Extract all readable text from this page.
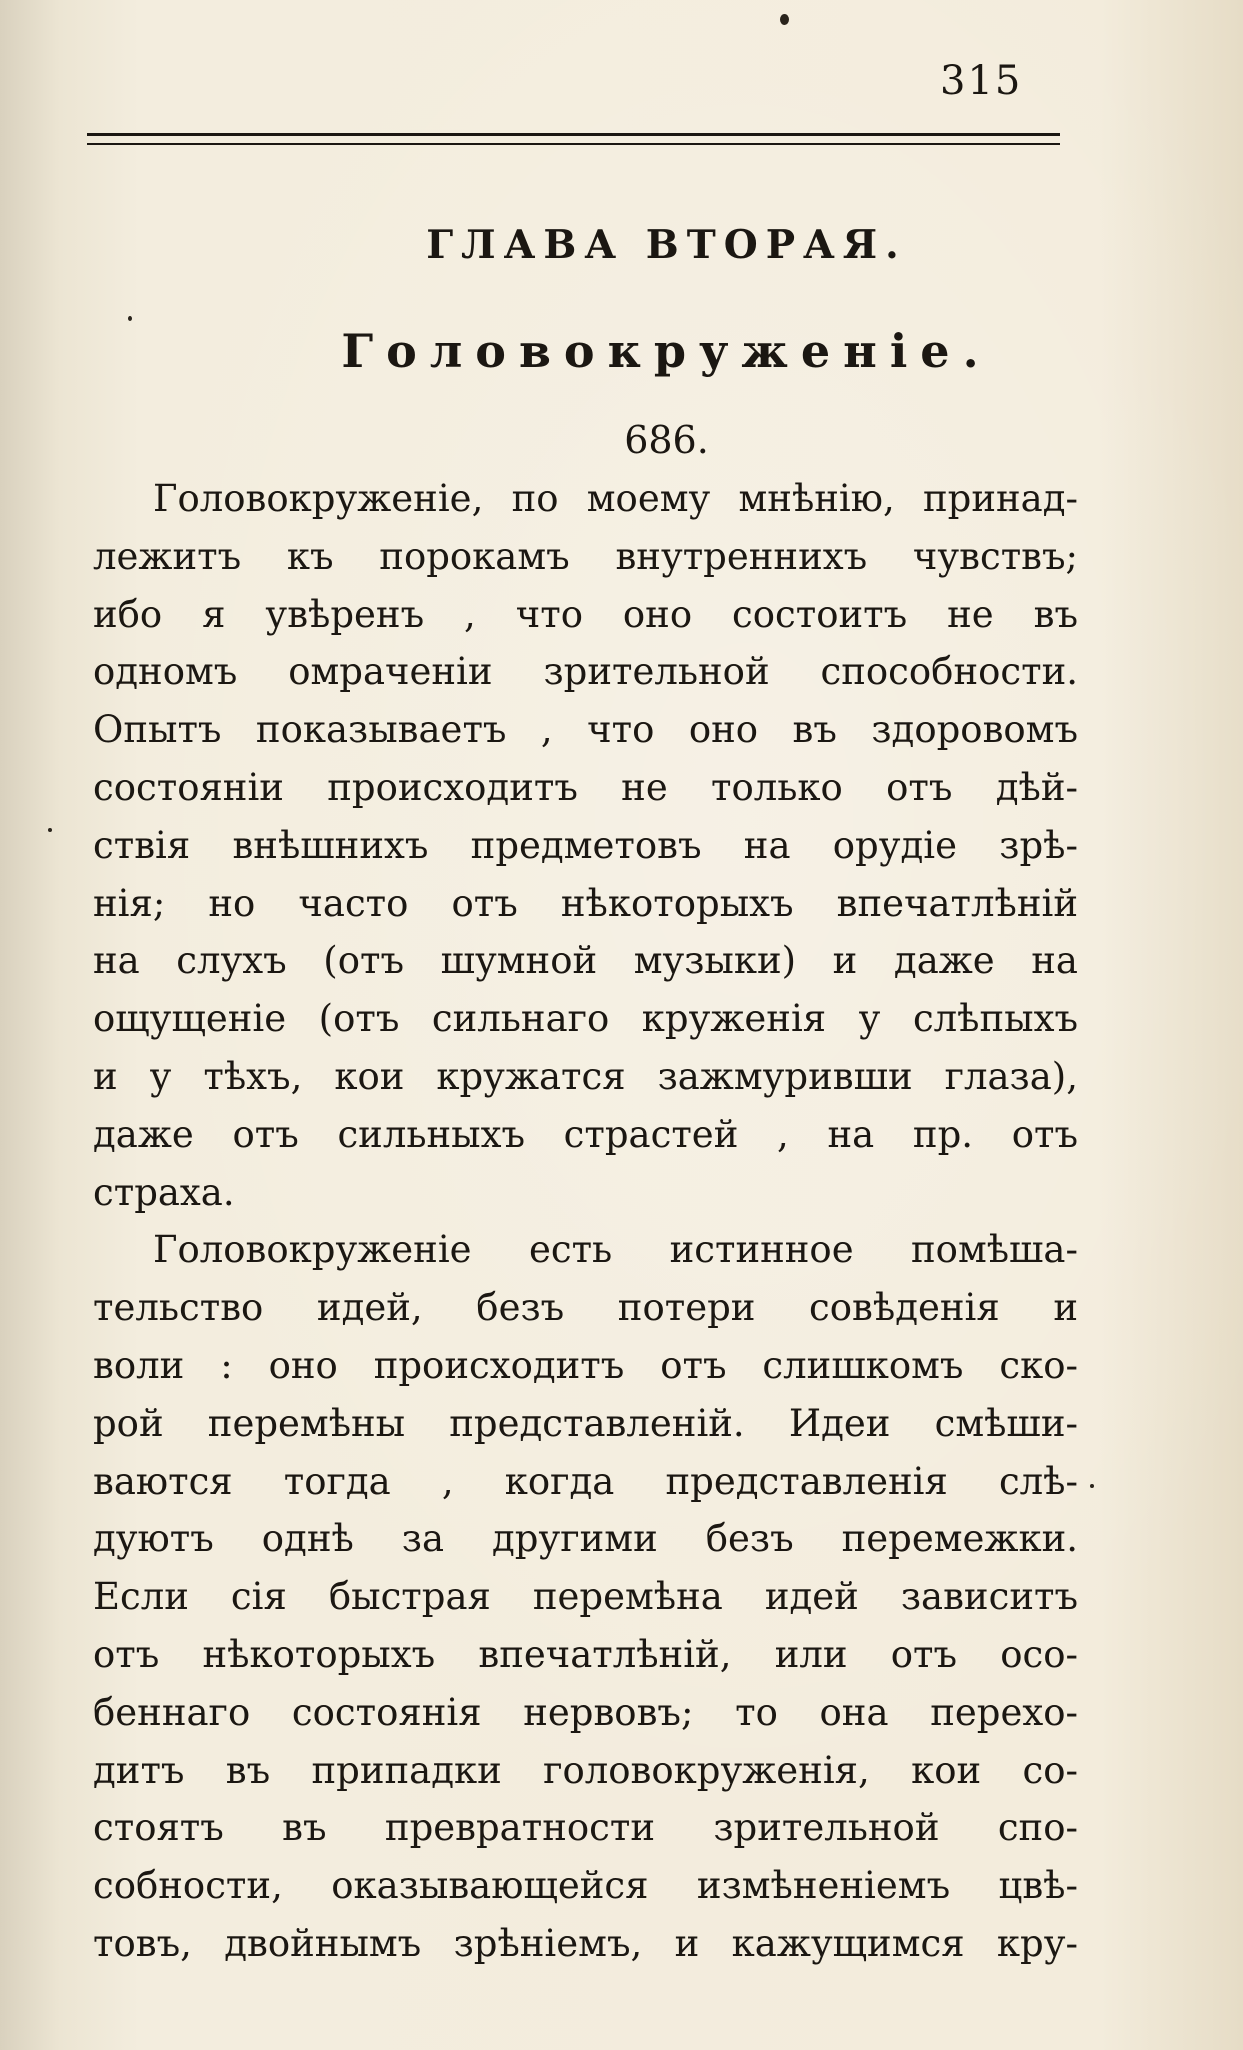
315
ГЛАВА ВТОРАЯ.
Головокруженіе.
686.
Головокруженіе, по моему мнѣнію, принад-
лежитъ къ порокамъ внутреннихъ чувствъ;
ибо я увѣренъ , что оно состоитъ не въ
одномъ омраченіи зрительной способности.
Опытъ показываетъ , что оно въ здоровомъ
состояніи происходитъ не только отъ дѣй-
ствія внѣшнихъ предметовъ на орудіе зрѣ-
нія; но часто отъ нѣкоторыхъ впечатлѣній
на слухъ (отъ шумной музыки) и даже на
ощущеніе (отъ сильнаго круженія у слѣпыхъ
и у тѣхъ, кои кружатся зажмуривши глаза),
даже отъ сильныхъ страстей , на пр. отъ
страха.
Головокруженіе есть истинное помѣша-
тельство идей, безъ потери совѣденія и
воли : оно происходитъ отъ слишкомъ ско-
рой перемѣны представленій. Идеи смѣши-
ваются тогда , когда представленія слѣ-
дуютъ однѣ за другими безъ перемежки.
Если сія быстрая перемѣна идей зависитъ
отъ нѣкоторыхъ впечатлѣній, или отъ осо-
беннаго состоянія нервовъ; то она перехо-
дитъ въ припадки головокруженія, кои со-
стоятъ въ превратности зрительной спо-
собности, оказывающейся измѣненіемъ цвѣ-
товъ, двойнымъ зрѣніемъ, и кажущимся кру-
